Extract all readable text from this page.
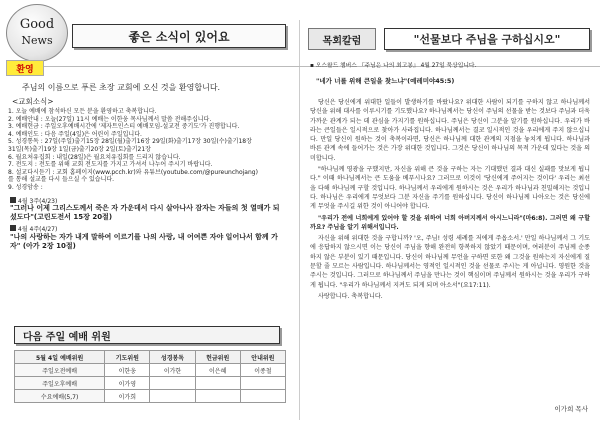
Good
News	좋은 소식이 있어요
환영
주님의 이름으로 푸른 초장 교회에 오신 것을 환영합니다.
<교회소식>
1. 오늘 예배에 참석하신 모든 분을 환영하고 축복합니다.
2. 예배안내 : 오늘(27일) 11시 예배는 이한웅 목사님께서 말씀 전해주십니다.
3. 예배헌금 : 주일오후예배시간에 '제자트인스티 예배모임-설교전 중기도'가 진행합니다.
4. 예배인도 : 다음 주일(4일)은 어린이 주일입니다.
5. 성경통독 : 27일(주일)출기15장 28일(월)출기16장 29일(화)출기17장 30일(수)출기18장
31일(목)출기19장 1일(금)출기20장 2일(토)출기21장
6. 월요처유집회 : 내일(28일)은 월요치유집회를 드리지 않습니다.
7. 전도지 : 전도를 위해 교회 전도지를 가지고 가셔서 나누어 주시기 바랍니다.
8. 설교다시듣기 : 교회 홈페이지(www.pcch.kr)와 유튜브(youtube.com/@pureunchojang)
를 통해 설교를 다시 들으실 수 있습니다.
9. 성경암송 :
4월 3주(4/23)
"그러나 이제 그리스도께서 죽은 자 가운데서 다시 살아나사 잠자는 자들의 첫 열매가 되셨도다"(고린도전서 15장 20절)
4월 4주(4/27)
"나의 사랑하는 자가 내게 말하여 이르기를 나의 사랑, 내 어여쁜 자야 일어나서 함께 가자" (아가 2장 10절)
다음 주일 예배 위원
5월 4일 예배위원	기도위원	성경봉독	헌금위원	안내위원
주일오전예배	이한웅	이가한	이은혜	이종철
주일오후예배	이가영			
수요예배(5,7)	이가희			
목회칼럼	"선물보다 주님을 구하십시오"
▪ 오스왈드 챔버스 『주님은 나의 최고봉』 4월 27일 묵상입니다.
"네가 너를 위해 큰일을 찾느냐"(예레미야45:5)

당신은 당신에게 위대한 일들이 발생하기를 바랐나요? 위대한 사람이 되기를 구하지 않고 하나님께서 당신을 위해 대사를 이루시기를 기도했나요? 하나님께서는 당신이 주님의 선물을 받는 것보다 주님과 더욱 가까운 관계가 되는 데 관심을 가지기를 원하십니다. 주님은 당신이 그분을 알기를 원하십니다. 우리가 바라는 큰일들은 일시적으로 찾아가 사라집니다. 하나님께서는 결코 일시적인 것을 우리에게 주지 않으십니다. 만일 당신이 원하는 것이 축복이라면, 당신은 하나님께 대한 관계의 지점을 놓치게 됩니다. 하나님과 바른 관계 속에 들어가는 것은 가장 위대한 것입니다. 그것은 당신이 하나님의 목적 가운데 있다는 것을 의미합니다.

"하나님께 영광을 구했지만, 자신을 위해 큰 것을 구하는 자는 기대했던 결과 대신 실패를 맛보게 됩니다." 이때 하나님께서는 큰 도움을 베푸시나요? 그러므로 이것이 '당신에게 주어지는 것이다' 우리는 최선을 다해 하나님께 구할 것입니다. 하나님께서 우리에게 원하시는 것은 우리가 하나님과 친밀해지는 것입니다. 하나님은 우리에게 무엇보다 그분 자신을 주기를 원하십니다. 당신이 하나님께 나아오는 것은 당신에게 무엇을 주시길 위한 것이 아니어야 합니다.

"우리가 전에 너희에게 있어야 할 것을 위하여 너희 아버지께서 아시느니라"(마6:8). 그러면 왜 구할까요? 주님을 알기 위해서입니다.

자신을 위해 위대한 것을 구합니까? '오, 주님! 성령 세례를 저에게 주옵소서.' 만일 하나님께서 그 기도에 응답하지 않으시면 이는 당신이 주님을 향해 완전히 항복하지 않았기 때문이며, 여러분이 주님께 순종하지 않은 부분이 있기 때문입니다. 당신이 하나님께 무언을 구하면 또한 왜 그것을 원하는지 자신에게 질문할 줄 모르는 사람입니다. 하나님께서는 영적인 일시적인 것을 선물로 주시는 게 아닙니다. 영원한 것을 주시는 것입니다. 그러므로 하나님께서 주님을 만나는 것이 핵심이며 주님께서 원하시는 것을 우리가 구하게 됩니다. "우리가 하나님께서 지켜도 되게 되며 아소서"(요17:11).

사랑합니다. 축복합니다.

이가희 목사
